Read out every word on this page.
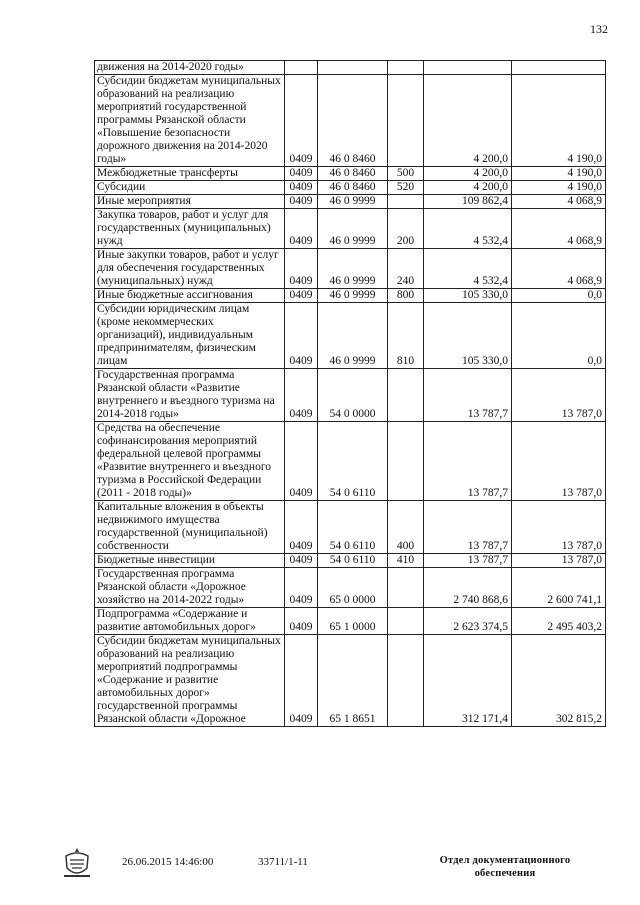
132
движения на 2014-2020 годы»					
Субсидии бюджетам муниципальных образований на реализацию мероприятий государственной программы Рязанской области «Повышение безопасности дорожного движения на 2014-2020 годы»	0409	46 0 8460		4 200,0	4 190,0
Межбюджетные трансферты	0409	46 0 8460	500	4 200,0	4 190,0
Субсидии	0409	46 0 8460	520	4 200,0	4 190,0
Иные мероприятия	0409	46 0 9999		109 862,4	4 068,9
Закупка товаров, работ и услуг для государственных (муниципальных) нужд	0409	46 0 9999	200	4 532,4	4 068,9
Иные закупки товаров, работ и услуг для обеспечения государственных (муниципальных) нужд	0409	46 0 9999	240	4 532,4	4 068,9
Иные бюджетные ассигнования	0409	46 0 9999	800	105 330,0	0,0
Субсидии юридическим лицам (кроме некоммерческих организаций), индивидуальным предпринимателям, физическим лицам	0409	46 0 9999	810	105 330,0	0,0
Государственная программа Рязанской области «Развитие внутреннего и въездного туризма на 2014-2018 годы»	0409	54 0 0000		13 787,7	13 787,0
Средства на обеспечение софинансирования мероприятий федеральной целевой программы «Развитие внутреннего и въездного туризма в Российской Федерации (2011 - 2018 годы)»	0409	54 0 6110		13 787,7	13 787,0
Капитальные вложения в объекты недвижимого имущества государственной (муниципальной) собственности	0409	54 0 6110	400	13 787,7	13 787,0
Бюджетные инвестиции	0409	54 0 6110	410	13 787,7	13 787,0
Государственная программа Рязанской области «Дорожное хозяйство на 2014-2022 годы»	0409	65 0 0000		2 740 868,6	2 600 741,1
Подпрограмма «Содержание и развитие автомобильных дорог»	0409	65 1 0000		2 623 374,5	2 495 403,2
Субсидии бюджетам муниципальных образований на реализацию мероприятий подпрограммы «Содержание и развитие автомобильных дорог» государственной программы Рязанской области «Дорожное	0409	65 1 8651		312 171,4	302 815,2
26.06.2015 14:46:00	33711/1-11	Отдел документационного обеспечения
